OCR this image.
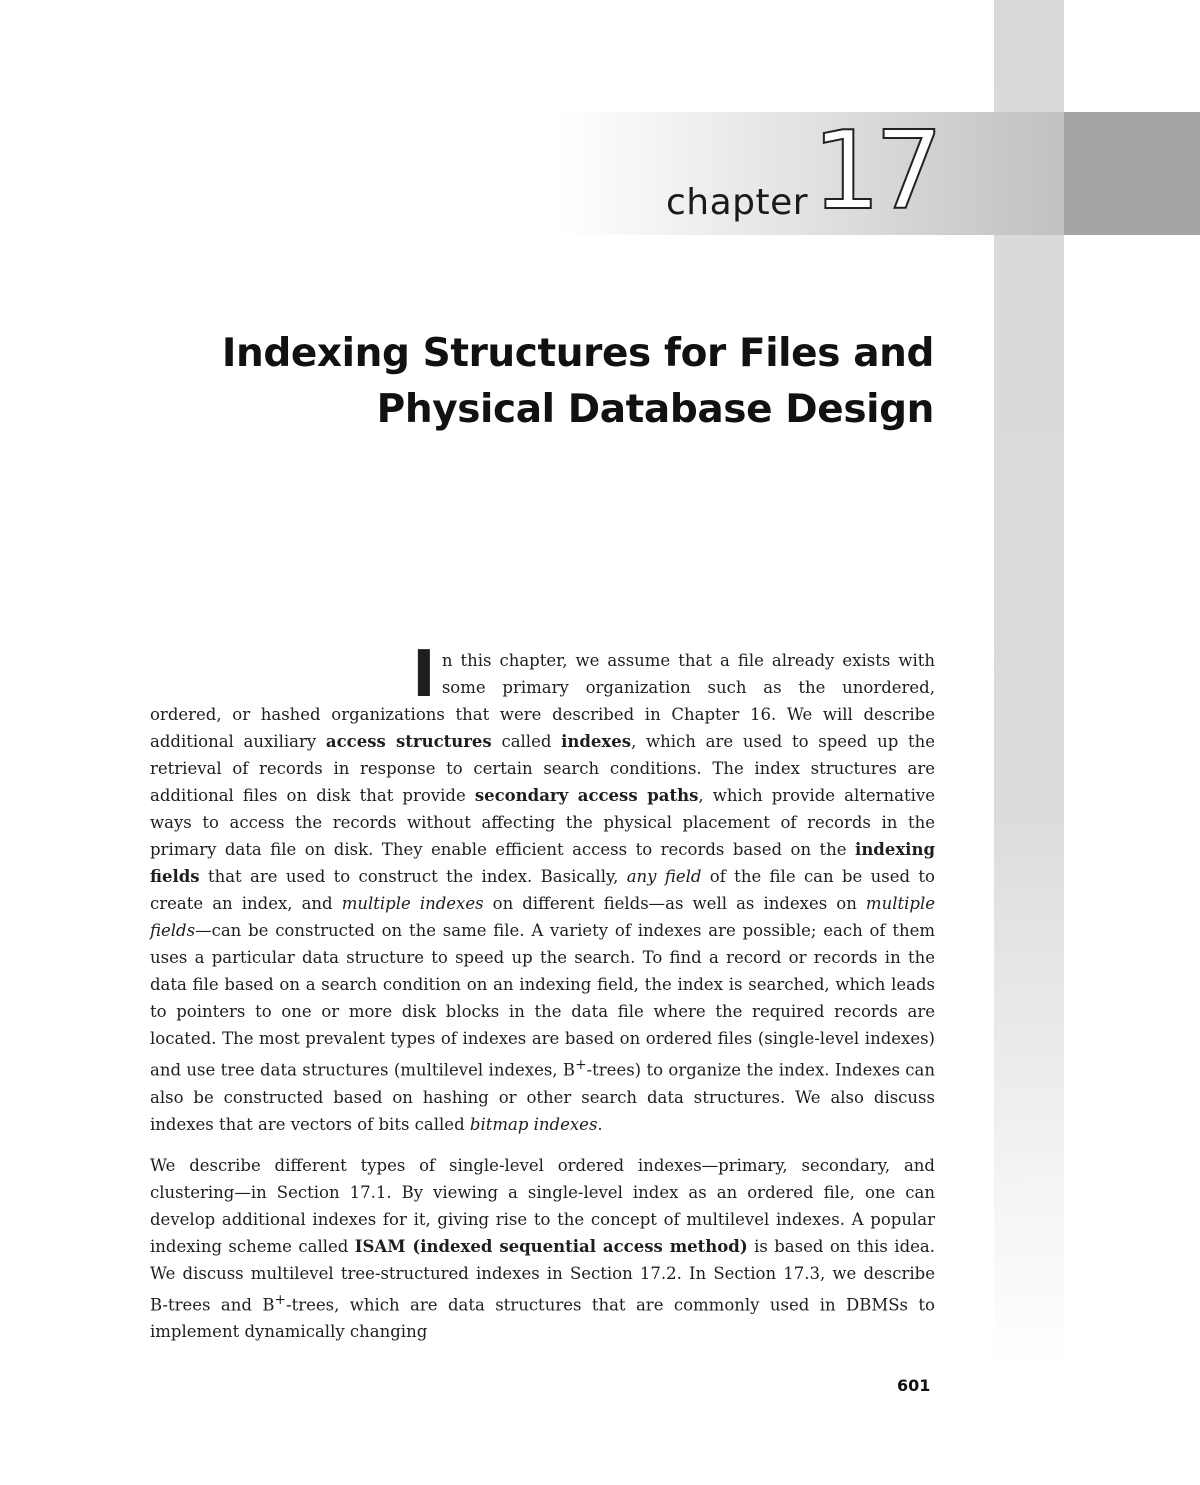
chapter 17
Indexing Structures for Files and
Physical Database Design

In this chapter, we assume that a file already exists with some primary organization such as the unordered, ordered, or hashed organizations that were described in Chapter 16. We will describe additional auxiliary access structures called indexes, which are used to speed up the retrieval of records in response to certain search conditions. The index structures are additional files on disk that provide secondary access paths, which provide alternative ways to access the records without affecting the physical placement of records in the primary data file on disk. They enable efficient access to records based on the indexing fields that are used to construct the index. Basically, any field of the file can be used to create an index, and multiple indexes on different fields—as well as indexes on multiple fields—can be constructed on the same file. A variety of indexes are possible; each of them uses a particular data structure to speed up the search. To find a record or records in the data file based on a search condition on an indexing field, the index is searched, which leads to pointers to one or more disk blocks in the data file where the required records are located. The most prevalent types of indexes are based on ordered files (single-level indexes) and use tree data structures (multilevel indexes, B+-trees) to organize the index. Indexes can also be constructed based on hashing or other search data structures. We also discuss indexes that are vectors of bits called bitmap indexes.

We describe different types of single-level ordered indexes—primary, secondary, and clustering—in Section 17.1. By viewing a single-level index as an ordered file, one can develop additional indexes for it, giving rise to the concept of multilevel indexes. A popular indexing scheme called ISAM (indexed sequential access method) is based on this idea. We discuss multilevel tree-structured indexes in Section 17.2. In Section 17.3, we describe B-trees and B+-trees, which are data structures that are commonly used in DBMSs to implement dynamically changing

601
